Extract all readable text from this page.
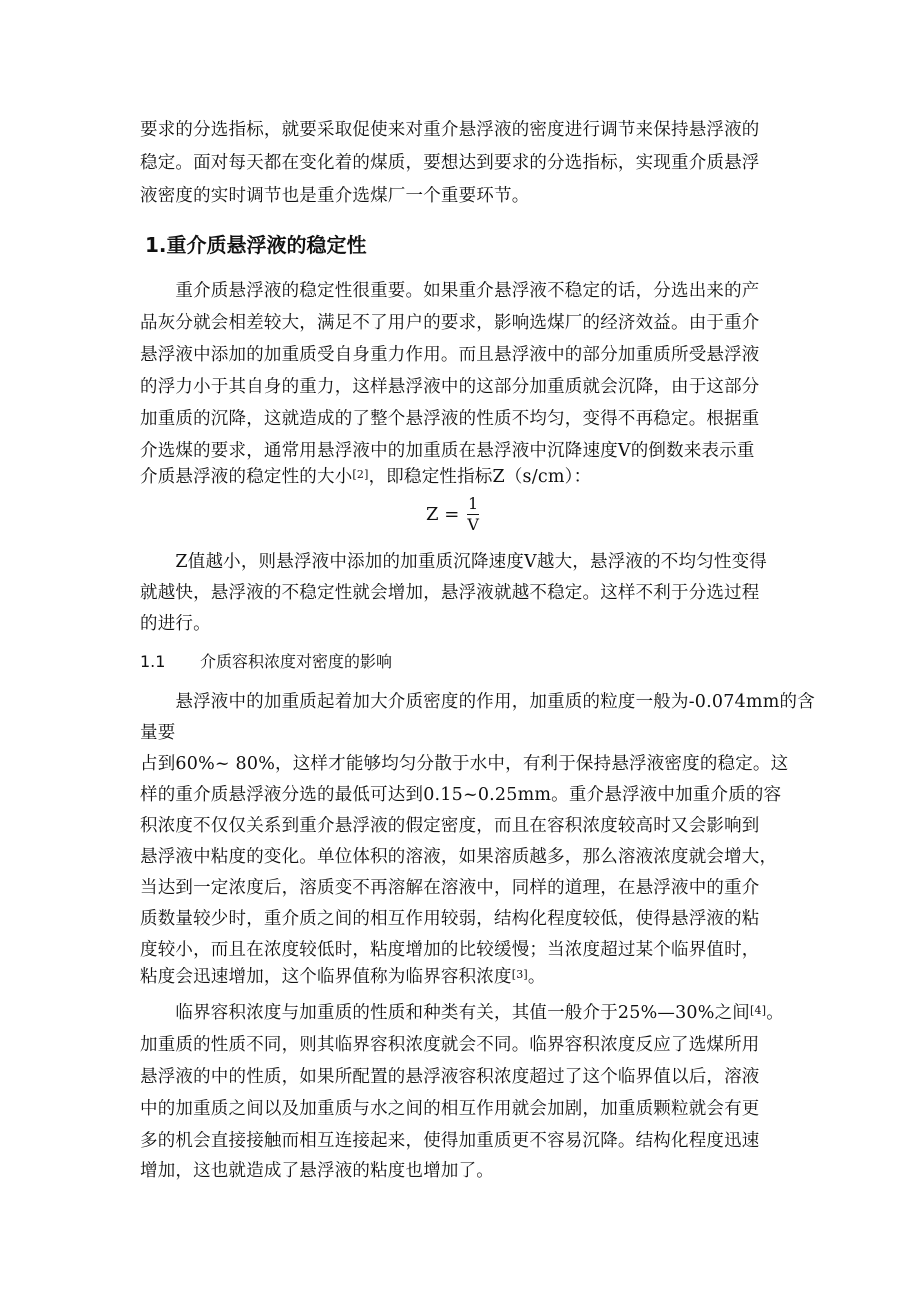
要求的分选指标，就要采取促使来对重介悬浮液的密度进行调节来保持悬浮液的
稳定。面对每天都在变化着的煤质，要想达到要求的分选指标，实现重介质悬浮
液密度的实时调节也是重介选煤厂一个重要环节。
1.重介质悬浮液的稳定性
　　重介质悬浮液的稳定性很重要。如果重介悬浮液不稳定的话，分选出来的产
品灰分就会相差较大，满足不了用户的要求，影响选煤厂的经济效益。由于重介
悬浮液中添加的加重质受自身重力作用。而且悬浮液中的部分加重质所受悬浮液
的浮力小于其自身的重力，这样悬浮液中的这部分加重质就会沉降，由于这部分
加重质的沉降，这就造成的了整个悬浮液的性质不均匀，变得不再稳定。根据重
介选煤的要求，通常用悬浮液中的加重质在悬浮液中沉降速度V的倒数来表示重
介质悬浮液的稳定性的大小[2]，即稳定性指标Z（s/cm）：
$Z = \frac{1}{V}$
　　Z值越小，则悬浮液中添加的加重质沉降速度V越大，悬浮液的不均匀性变得
就越快，悬浮液的不稳定性就会增加，悬浮液就越不稳定。这样不利于分选过程
的进行。
1.1 介质容积浓度对密度的影响
　　悬浮液中的加重质起着加大介质密度的作用，加重质的粒度一般为-0.074mm的含
量要
占到60%~ 80%，这样才能够均匀分散于水中，有利于保持悬浮液密度的稳定。这
样的重介质悬浮液分选的最低可达到0.15~0.25mm。重介悬浮液中加重介质的容
积浓度不仅仅关系到重介悬浮液的假定密度，而且在容积浓度较高时又会影响到
悬浮液中粘度的变化。单位体积的溶液，如果溶质越多，那么溶液浓度就会增大，
当达到一定浓度后，溶质变不再溶解在溶液中，同样的道理，在悬浮液中的重介
质数量较少时，重介质之间的相互作用较弱，结构化程度较低，使得悬浮液的粘
度较小，而且在浓度较低时，粘度增加的比较缓慢；当浓度超过某个临界值时，
粘度会迅速增加，这个临界值称为临界容积浓度[3]。
　　临界容积浓度与加重质的性质和种类有关，其值一般介于25%—30%之间[4]。
加重质的性质不同，则其临界容积浓度就会不同。临界容积浓度反应了选煤所用
悬浮液的中的性质，如果所配置的悬浮液容积浓度超过了这个临界值以后，溶液
中的加重质之间以及加重质与水之间的相互作用就会加剧，加重质颗粒就会有更
多的机会直接接触而相互连接起来，使得加重质更不容易沉降。结构化程度迅速
增加，这也就造成了悬浮液的粘度也增加了。
